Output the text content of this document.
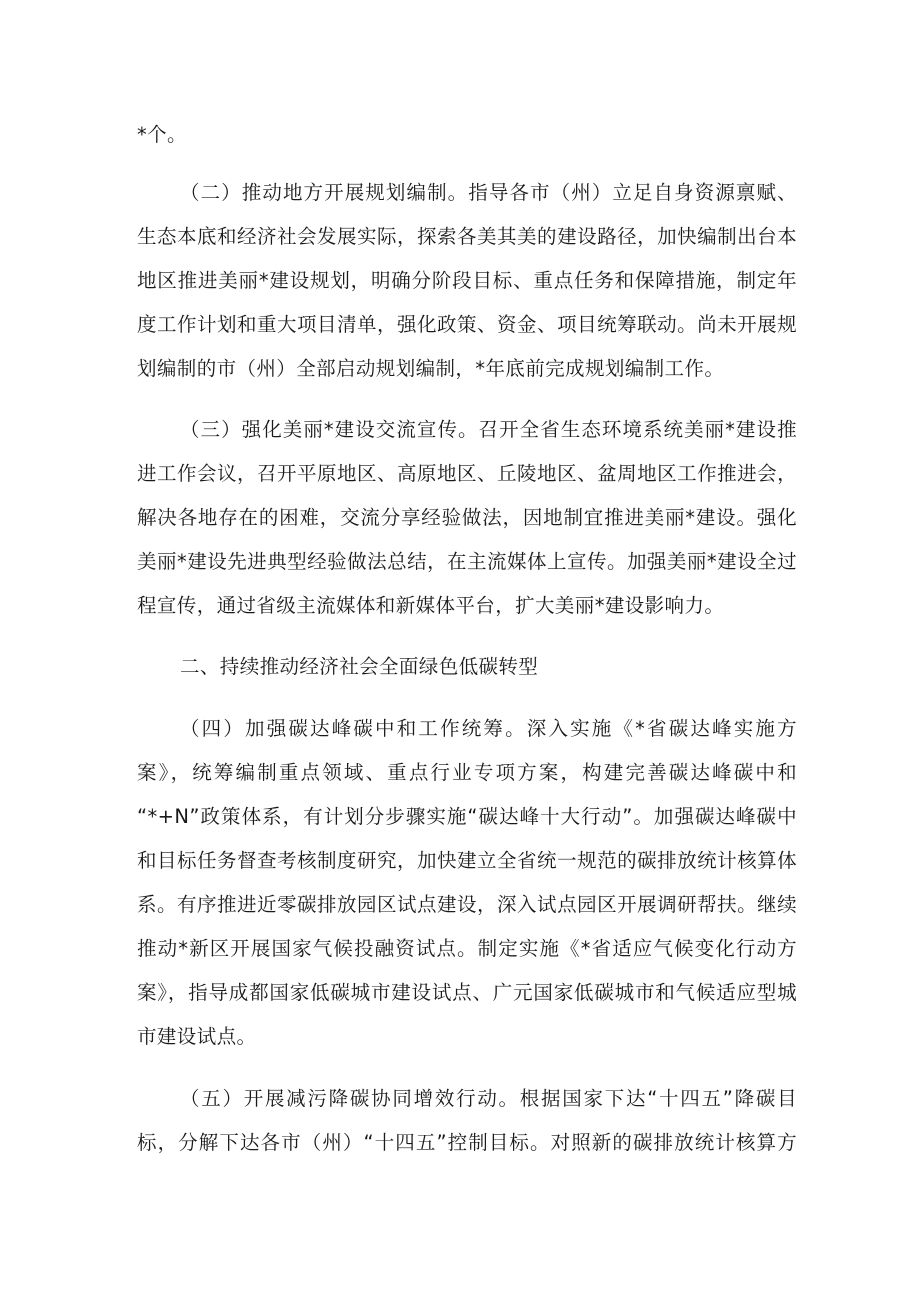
*个。
（二）推动地方开展规划编制。指导各市（州）立足自身资源禀赋、
生态本底和经济社会发展实际，探索各美其美的建设路径，加快编制出台本
地区推进美丽*建设规划，明确分阶段目标、重点任务和保障措施，制定年
度工作计划和重大项目清单，强化政策、资金、项目统筹联动。尚未开展规
划编制的市（州）全部启动规划编制，*年底前完成规划编制工作。
（三）强化美丽*建设交流宣传。召开全省生态环境系统美丽*建设推
进工作会议，召开平原地区、高原地区、丘陵地区、盆周地区工作推进会，
解决各地存在的困难，交流分享经验做法，因地制宜推进美丽*建设。强化
美丽*建设先进典型经验做法总结，在主流媒体上宣传。加强美丽*建设全过
程宣传，通过省级主流媒体和新媒体平台，扩大美丽*建设影响力。
二、持续推动经济社会全面绿色低碳转型
（四）加强碳达峰碳中和工作统筹。深入实施《*省碳达峰实施方
案》，统筹编制重点领域、重点行业专项方案，构建完善碳达峰碳中和
“*+N”政策体系，有计划分步骤实施“碳达峰十大行动”。加强碳达峰碳中
和目标任务督查考核制度研究，加快建立全省统一规范的碳排放统计核算体
系。有序推进近零碳排放园区试点建设，深入试点园区开展调研帮扶。继续
推动*新区开展国家气候投融资试点。制定实施《*省适应气候变化行动方
案》，指导成都国家低碳城市建设试点、广元国家低碳城市和气候适应型城
市建设试点。
（五）开展减污降碳协同增效行动。根据国家下达“十四五”降碳目
标，分解下达各市（州）“十四五”控制目标。对照新的碳排放统计核算方
